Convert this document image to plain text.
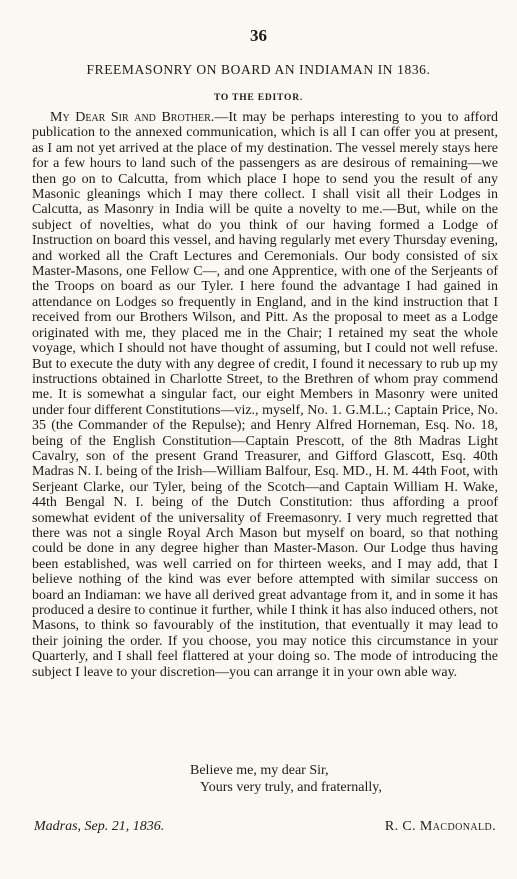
36
FREEMASONRY ON BOARD AN INDIAMAN IN 1836.
TO THE EDITOR.

My Dear Sir and Brother.—It may be perhaps interesting to you to afford publication to the annexed communication, which is all I can offer you at present, as I am not yet arrived at the place of my destination. The vessel merely stays here for a few hours to land such of the passengers as are desirous of remaining—we then go on to Calcutta, from which place I hope to send you the result of any Masonic gleanings which I may there collect. I shall visit all their Lodges in Calcutta, as Masonry in India will be quite a novelty to me.—But, while on the subject of novelties, what do you think of our having formed a Lodge of Instruction on board this vessel, and having regularly met every Thursday evening, and worked all the Craft Lectures and Ceremonials. Our body consisted of six Master-Masons, one Fellow C—, and one Apprentice, with one of the Serjeants of the Troops on board as our Tyler. I here found the advantage I had gained in attendance on Lodges so frequently in England, and in the kind instruction that I received from our Brothers Wilson, and Pitt. As the proposal to meet as a Lodge originated with me, they placed me in the Chair; I retained my seat the whole voyage, which I should not have thought of assuming, but I could not well refuse. But to execute the duty with any degree of credit, I found it necessary to rub up my instructions obtained in Charlotte Street, to the Brethren of whom pray commend me. It is somewhat a singular fact, our eight Members in Masonry were united under four different Constitutions—viz., myself, No. 1. G.M.L.; Captain Price, No. 35 (the Commander of the Repulse); and Henry Alfred Horneman, Esq. No. 18, being of the English Constitution—Captain Prescott, of the 8th Madras Light Cavalry, son of the present Grand Treasurer, and Gifford Glascott, Esq. 40th Madras N. I. being of the Irish—William Balfour, Esq. MD., H. M. 44th Foot, with Serjeant Clarke, our Tyler, being of the Scotch—and Captain William H. Wake, 44th Bengal N. I. being of the Dutch Constitution: thus affording a proof somewhat evident of the universality of Freemasonry. I very much regretted that there was not a single Royal Arch Mason but myself on board, so that nothing could be done in any degree higher than Master-Mason. Our Lodge thus having been established, was well carried on for thirteen weeks, and I may add, that I believe nothing of the kind was ever before attempted with similar success on board an Indiaman: we have all derived great advantage from it, and in some it has produced a desire to continue it further, while I think it has also induced others, not Masons, to think so favourably of the institution, that eventually it may lead to their joining the order. If you choose, you may notice this circumstance in your Quarterly, and I shall feel flattered at your doing so. The mode of introducing the subject I leave to your discretion—you can arrange it in your own able way.

Believe me, my dear Sir,
Yours very truly, and fraternally,
Madras, Sep. 21, 1836.	R. C. Macdonald.
